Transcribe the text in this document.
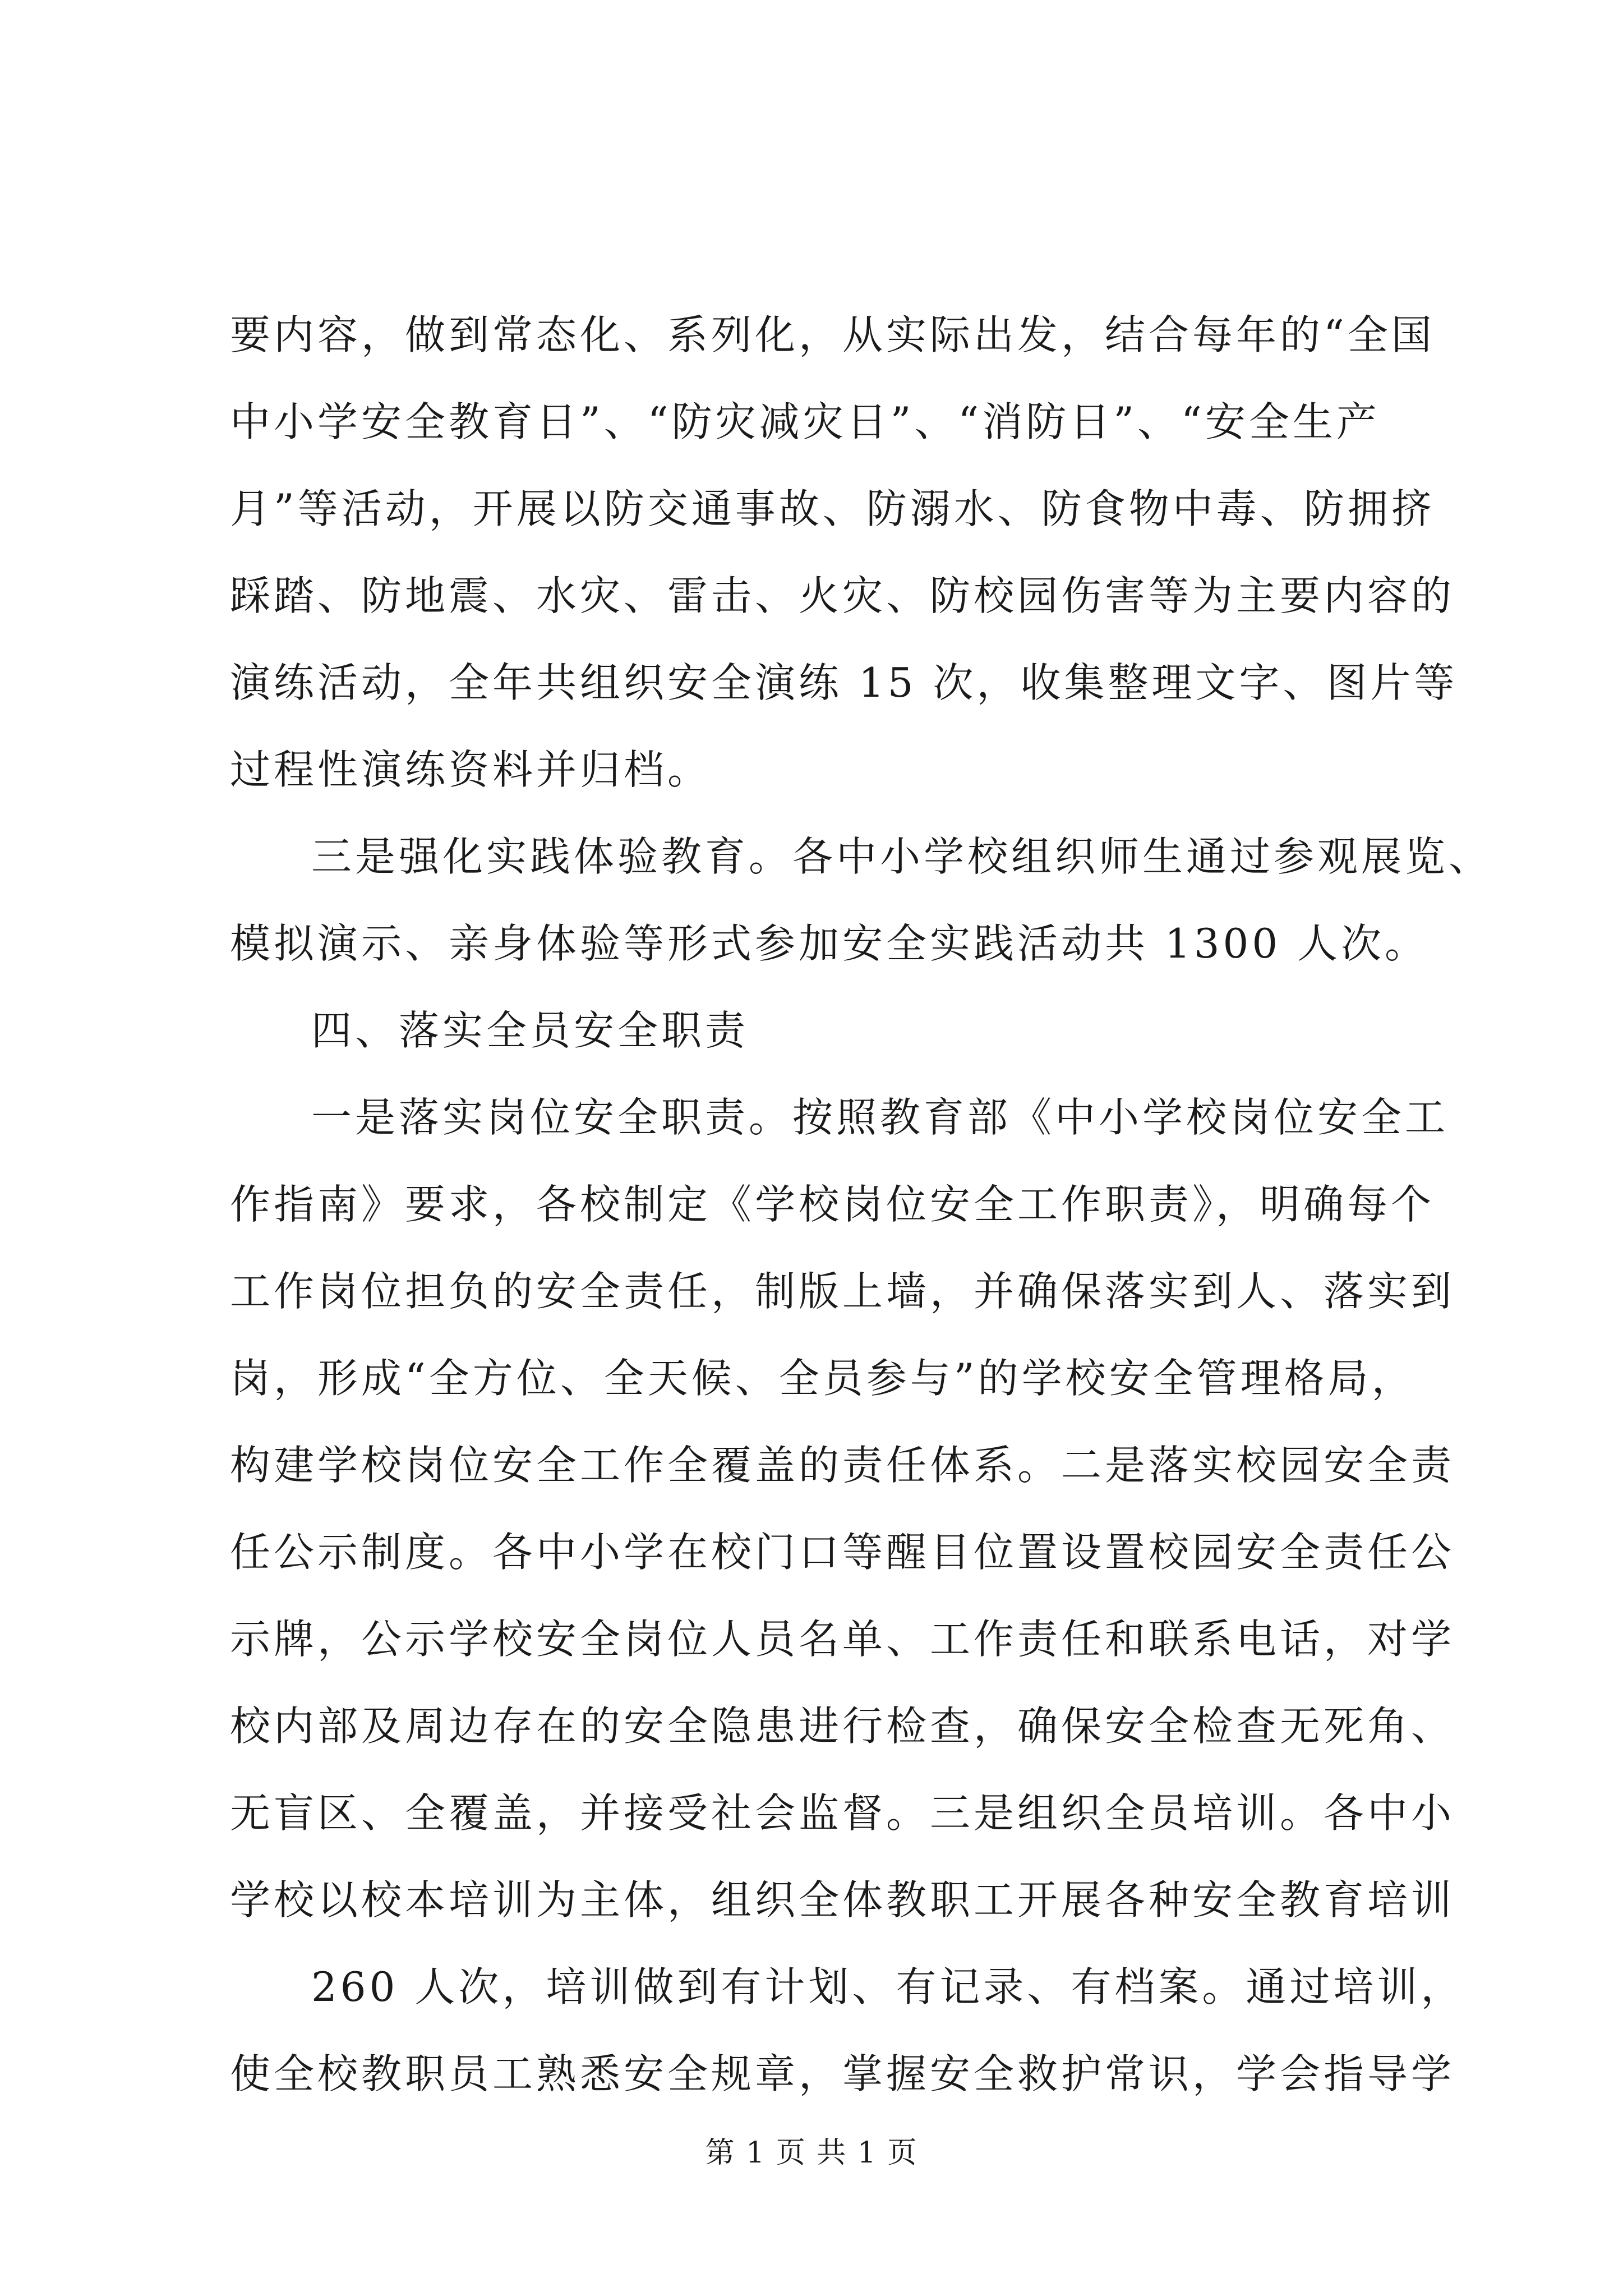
要内容，做到常态化、系列化，从实际出发，结合每年的“全国
中小学安全教育日”、“防灾减灾日”、“消防日”、“安全生产
月”等活动，开展以防交通事故、防溺水、防食物中毒、防拥挤
踩踏、防地震、水灾、雷击、火灾、防校园伤害等为主要内容的
演练活动，全年共组织安全演练 15 次，收集整理文字、图片等
过程性演练资料并归档。
三是强化实践体验教育。各中小学校组织师生通过参观展览、
模拟演示、亲身体验等形式参加安全实践活动共 1300 人次。
四、落实全员安全职责
一是落实岗位安全职责。按照教育部《中小学校岗位安全工
作指南》要求，各校制定《学校岗位安全工作职责》，明确每个
工作岗位担负的安全责任，制版上墙，并确保落实到人、落实到
岗，形成“全方位、全天候、全员参与”的学校安全管理格局，
构建学校岗位安全工作全覆盖的责任体系。二是落实校园安全责
任公示制度。各中小学在校门口等醒目位置设置校园安全责任公
示牌，公示学校安全岗位人员名单、工作责任和联系电话，对学
校内部及周边存在的安全隐患进行检查，确保安全检查无死角、
无盲区、全覆盖，并接受社会监督。三是组织全员培训。各中小
学校以校本培训为主体，组织全体教职工开展各种安全教育培训
260 人次，培训做到有计划、有记录、有档案。通过培训，
使全校教职员工熟悉安全规章，掌握安全救护常识，学会指导学
第 1 页 共 1 页
